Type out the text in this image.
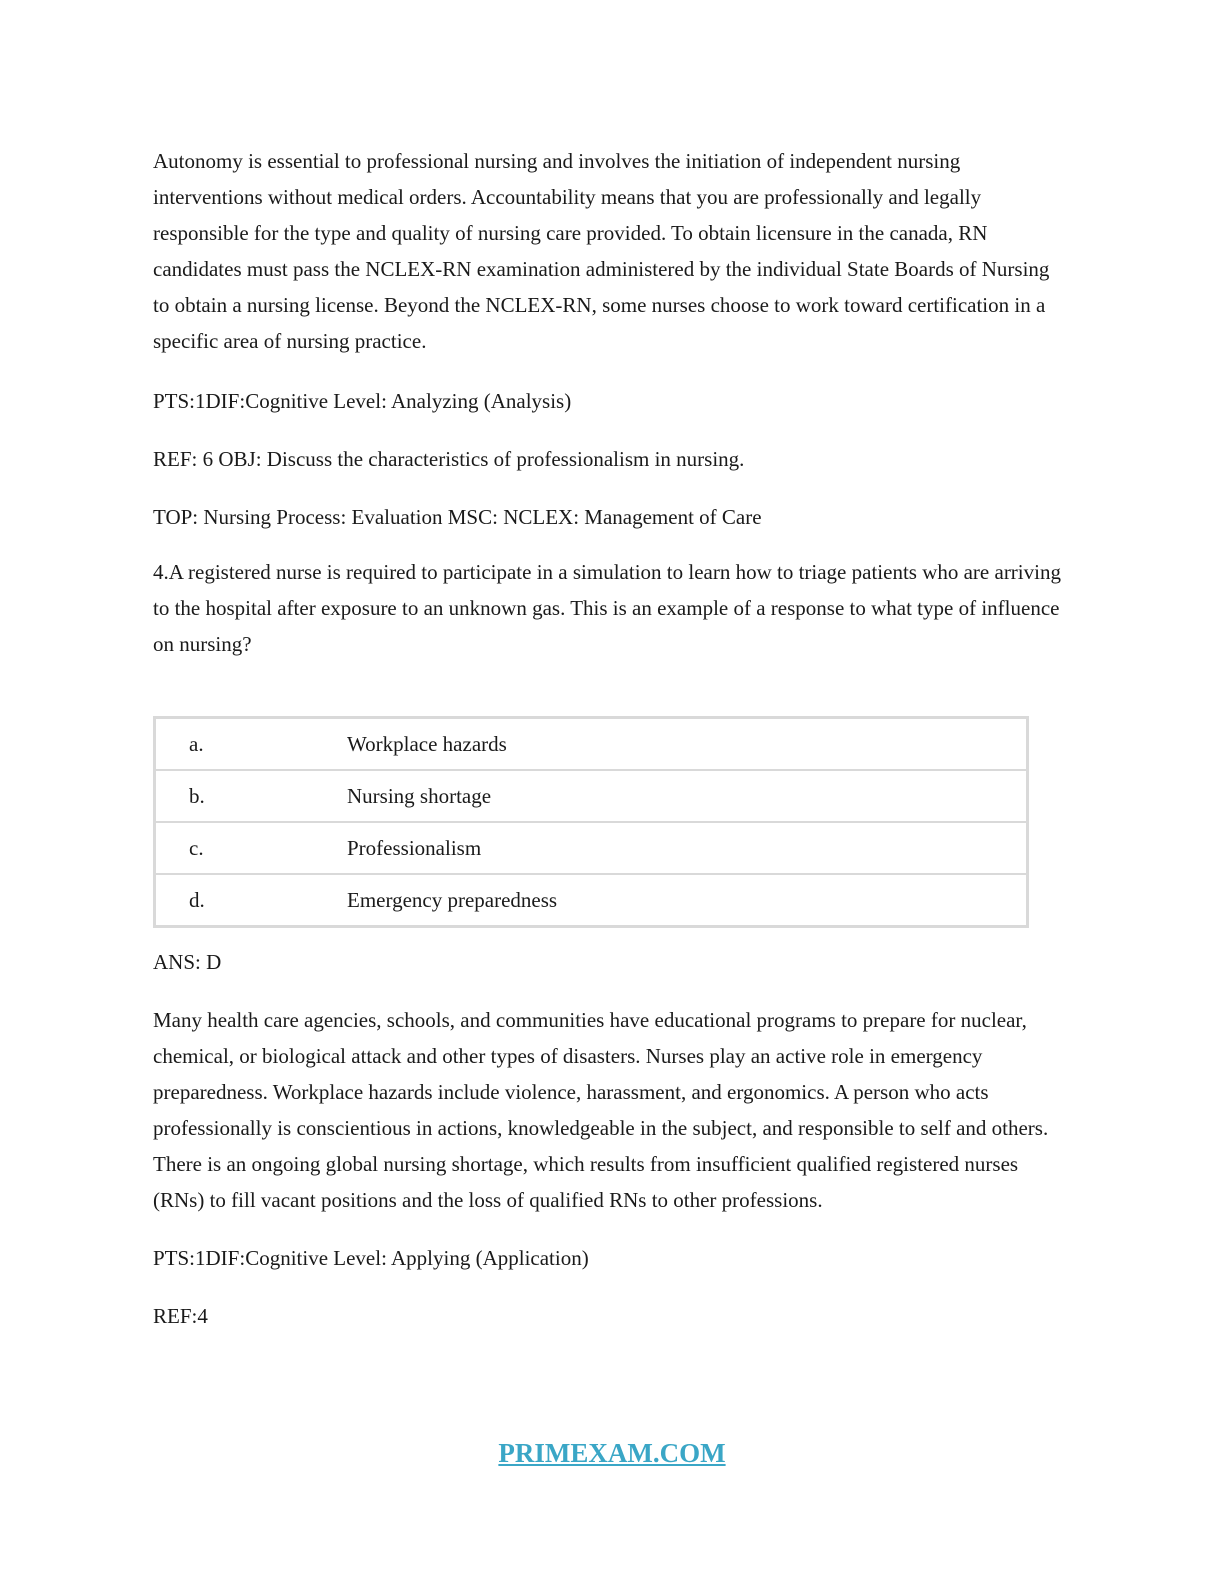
Autonomy is essential to professional nursing and involves the initiation of independent nursing interventions without medical orders. Accountability means that you are professionally and legally responsible for the type and quality of nursing care provided. To obtain licensure in the canada, RN candidates must pass the NCLEX-RN examination administered by the individual State Boards of Nursing to obtain a nursing license. Beyond the NCLEX-RN, some nurses choose to work toward certification in a specific area of nursing practice.

PTS:1DIF:Cognitive Level: Analyzing (Analysis)

REF: 6 OBJ: Discuss the characteristics of professionalism in nursing.

TOP: Nursing Process: Evaluation MSC: NCLEX: Management of Care

4.A registered nurse is required to participate in a simulation to learn how to triage patients who are arriving to the hospital after exposure to an unknown gas. This is an example of a response to what type of influence on nursing?

a.	Workplace hazards
b.	Nursing shortage
c.	Professionalism
d.	Emergency preparedness

ANS: D

Many health care agencies, schools, and communities have educational programs to prepare for nuclear, chemical, or biological attack and other types of disasters. Nurses play an active role in emergency preparedness. Workplace hazards include violence, harassment, and ergonomics. A person who acts professionally is conscientious in actions, knowledgeable in the subject, and responsible to self and others. There is an ongoing global nursing shortage, which results from insufficient qualified registered nurses (RNs) to fill vacant positions and the loss of qualified RNs to other professions.

PTS:1DIF:Cognitive Level: Applying (Application)

REF:4

PRIMEXAM.COM
